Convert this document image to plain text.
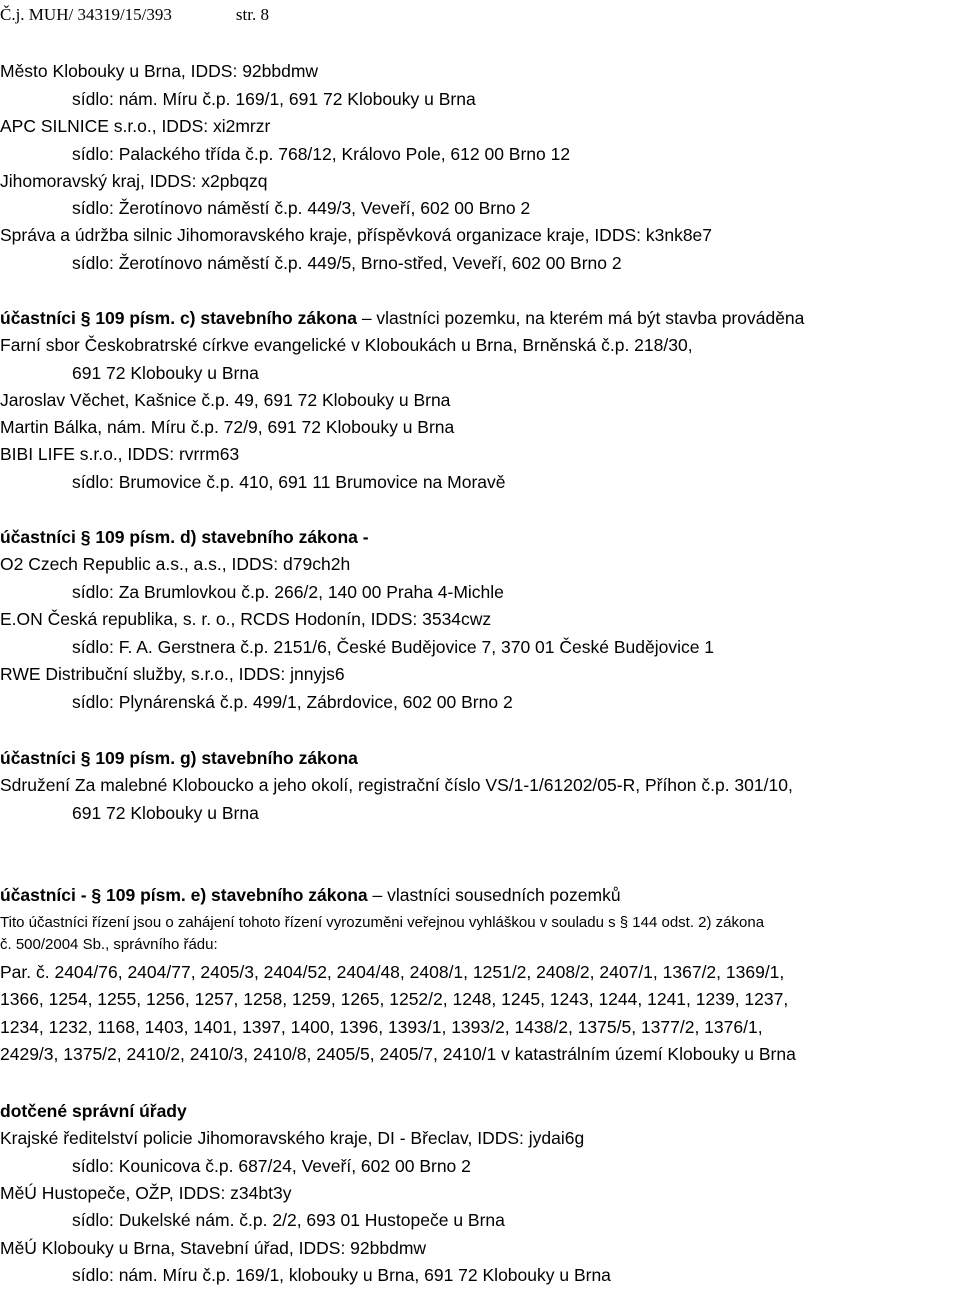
Č.j. MUH/ 34319/15/393	str. 8
Město Klobouky u Brna, IDDS: 92bbdmw
sídlo: nám. Míru č.p. 169/1, 691 72 Klobouky u Brna
APC SILNICE s.r.o., IDDS: xi2mrzr
sídlo: Palackého třída č.p. 768/12, Královo Pole, 612 00 Brno 12
Jihomoravský kraj, IDDS: x2pbqzq
sídlo: Žerotínovo náměstí č.p. 449/3, Veveří, 602 00 Brno 2
Správa a údržba silnic Jihomoravského kraje, příspěvková organizace kraje, IDDS: k3nk8e7
sídlo: Žerotínovo náměstí č.p. 449/5, Brno-střed, Veveří, 602 00 Brno 2
účastníci § 109 písm. c) stavebního zákona – vlastníci pozemku, na kterém má být stavba prováděna
Farní sbor Českobratrské církve evangelické v Kloboukách u Brna, Brněnská č.p. 218/30,
691 72 Klobouky u Brna
Jaroslav Věchet, Kašnice č.p. 49, 691 72 Klobouky u Brna
Martin Bálka, nám. Míru č.p. 72/9, 691 72 Klobouky u Brna
BIBI LIFE s.r.o., IDDS: rvrrm63
sídlo: Brumovice č.p. 410, 691 11 Brumovice na Moravě
účastníci § 109 písm. d) stavebního zákona -
O2 Czech Republic a.s., a.s., IDDS: d79ch2h
sídlo: Za Brumlovkou č.p. 266/2, 140 00 Praha 4-Michle
E.ON Česká republika, s. r. o., RCDS Hodonín, IDDS: 3534cwz
sídlo: F. A. Gerstnera č.p. 2151/6, České Budějovice 7, 370 01 České Budějovice 1
RWE Distribuční služby, s.r.o., IDDS: jnnyjs6
sídlo: Plynárenská č.p. 499/1, Zábrdovice, 602 00 Brno 2
účastníci § 109 písm. g) stavebního zákona
Sdružení Za malebné Kloboucko a jeho okolí, registrační číslo VS/1-1/61202/05-R, Příhon č.p. 301/10,
691 72 Klobouky u Brna
účastníci - § 109 písm. e) stavebního zákona – vlastníci sousedních pozemků
Tito účastníci řízení jsou o zahájení tohoto řízení vyrozuměni veřejnou vyhláškou v souladu s § 144 odst. 2) zákona
č. 500/2004 Sb., správního řádu:
Par. č. 2404/76, 2404/77, 2405/3, 2404/52, 2404/48, 2408/1, 1251/2, 2408/2, 2407/1, 1367/2, 1369/1,
1366, 1254, 1255, 1256, 1257, 1258, 1259, 1265, 1252/2, 1248, 1245, 1243, 1244, 1241, 1239, 1237,
1234, 1232, 1168, 1403, 1401, 1397, 1400, 1396, 1393/1, 1393/2, 1438/2, 1375/5, 1377/2, 1376/1,
2429/3, 1375/2, 2410/2, 2410/3, 2410/8, 2405/5, 2405/7, 2410/1 v katastrálním území Klobouky u Brna
dotčené správní úřady
Krajské ředitelství policie Jihomoravského kraje, DI - Břeclav, IDDS: jydai6g
sídlo: Kounicova č.p. 687/24, Veveří, 602 00 Brno 2
MěÚ Hustopeče, OŽP, IDDS: z34bt3y
sídlo: Dukelské nám. č.p. 2/2, 693 01 Hustopeče u Brna
MěÚ Klobouky u Brna, Stavební úřad, IDDS: 92bbdmw
sídlo: nám. Míru č.p. 169/1, klobouky u Brna, 691 72 Klobouky u Brna
